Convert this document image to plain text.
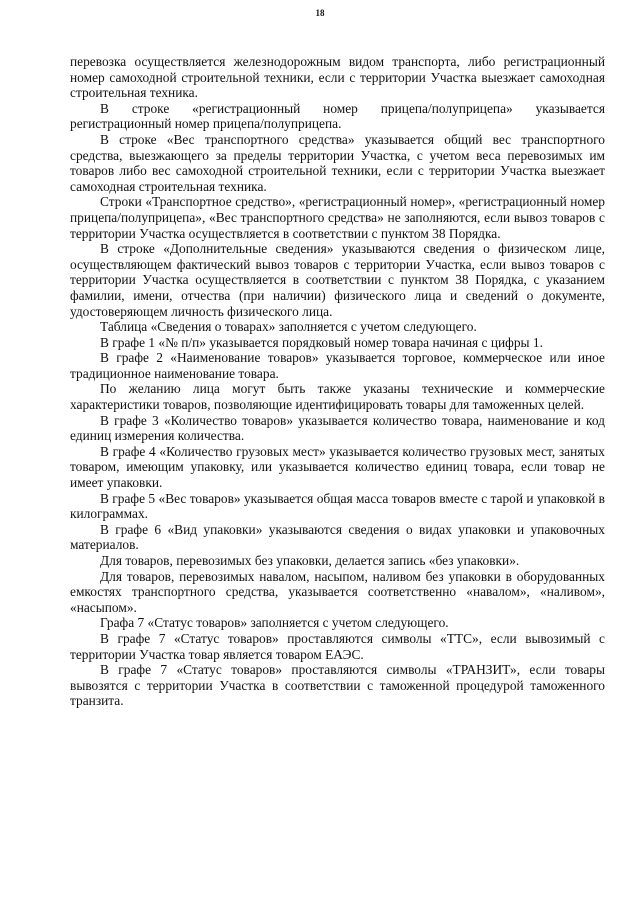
18

перевозка осуществляется железнодорожным видом транспорта, либо регистрационный номер самоходной строительной техники, если с территории Участка выезжает самоходная строительная техника.

В строке «регистрационный номер прицепа/полуприцепа» указывается регистрационный номер прицепа/полуприцепа.

В строке «Вес транспортного средства» указывается общий вес транспортного средства, выезжающего за пределы территории Участка, с учетом веса перевозимых им товаров либо вес самоходной строительной техники, если с территории Участка выезжает самоходная строительная техника.

Строки «Транспортное средство», «регистрационный номер», «регистрационный номер прицепа/полуприцепа», «Вес транспортного средства» не заполняются, если вывоз товаров с территории Участка осуществляется в соответствии с пунктом 38 Порядка.

В строке «Дополнительные сведения» указываются сведения о физическом лице, осуществляющем фактический вывоз товаров с территории Участка, если вывоз товаров с территории Участка осуществляется в соответствии с пунктом 38 Порядка, с указанием фамилии, имени, отчества (при наличии) физического лица и сведений о документе, удостоверяющем личность физического лица.

Таблица «Сведения о товарах» заполняется с учетом следующего.

В графе 1 «№ п/п» указывается порядковый номер товара начиная с цифры 1.

В графе 2 «Наименование товаров» указывается торговое, коммерческое или иное традиционное наименование товара.

По желанию лица могут быть также указаны технические и коммерческие характеристики товаров, позволяющие идентифицировать товары для таможенных целей.

В графе 3 «Количество товаров» указывается количество товара, наименование и код единиц измерения количества.

В графе 4 «Количество грузовых мест» указывается количество грузовых мест, занятых товаром, имеющим упаковку, или указывается количество единиц товара, если товар не имеет упаковки.

В графе 5 «Вес товаров» указывается общая масса товаров вместе с тарой и упаковкой в килограммах.

В графе 6 «Вид упаковки» указываются сведения о видах упаковки и упаковочных материалов.

Для товаров, перевозимых без упаковки, делается запись «без упаковки».

Для товаров, перевозимых навалом, насыпом, наливом без упаковки в оборудованных емкостях транспортного средства, указывается соответственно «навалом», «наливом», «насыпом».

Графа 7 «Статус товаров» заполняется с учетом следующего.

В графе 7 «Статус товаров» проставляются символы «ТТС», если вывозимый с территории Участка товар является товаром ЕАЭС.

В графе 7 «Статус товаров» проставляются символы «ТРАНЗИТ», если товары вывозятся с территории Участка в соответствии с таможенной процедурой таможенного транзита.
